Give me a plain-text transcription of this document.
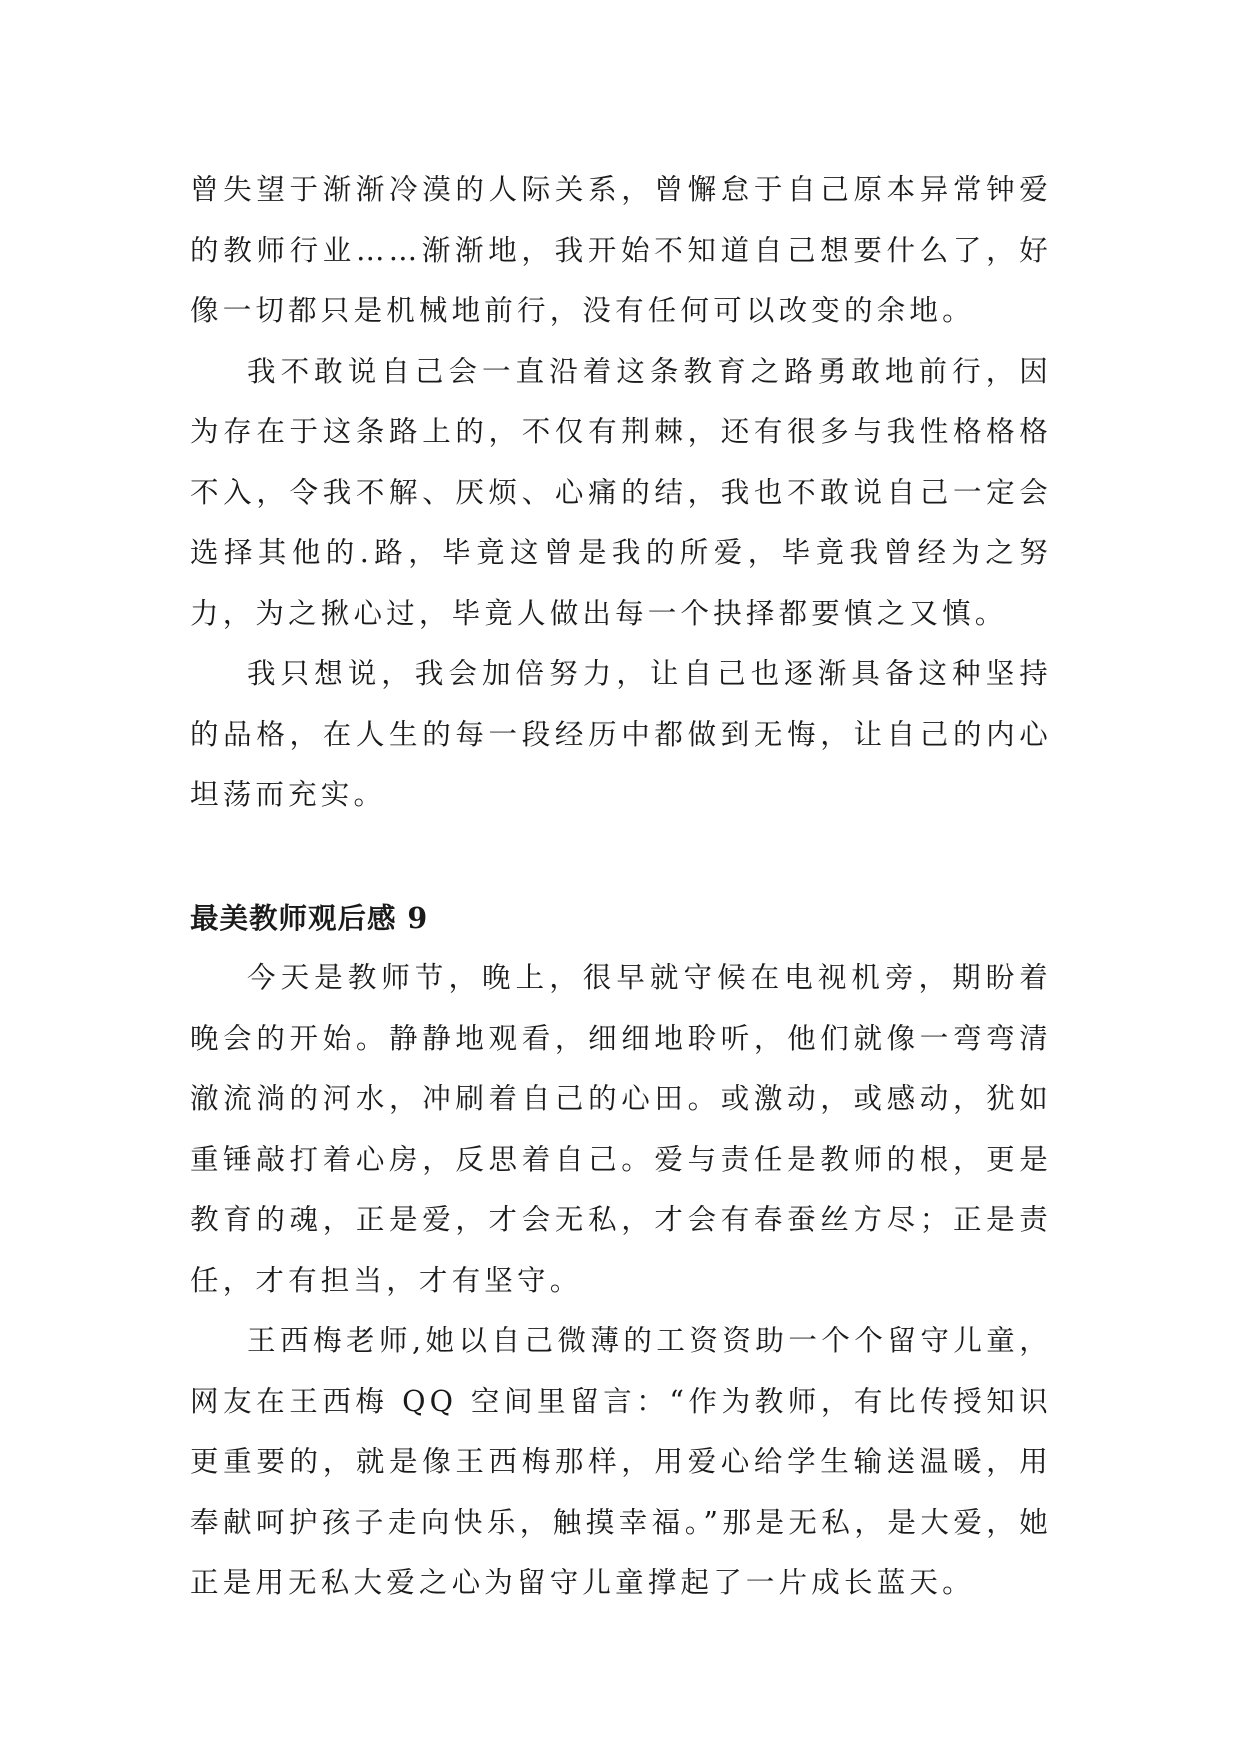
曾失望于渐渐冷漠的人际关系，曾懈怠于自己原本异常钟爱的教师行业……渐渐地，我开始不知道自己想要什么了，好像一切都只是机械地前行，没有任何可以改变的余地。

我不敢说自己会一直沿着这条教育之路勇敢地前行，因为存在于这条路上的，不仅有荆棘，还有很多与我性格格格不入，令我不解、厌烦、心痛的结，我也不敢说自己一定会选择其他的.路，毕竟这曾是我的所爱，毕竟我曾经为之努力，为之揪心过，毕竟人做出每一个抉择都要慎之又慎。

我只想说，我会加倍努力，让自己也逐渐具备这种坚持的品格，在人生的每一段经历中都做到无悔，让自己的内心坦荡而充实。

最美教师观后感 9

今天是教师节，晚上，很早就守候在电视机旁，期盼着晚会的开始。静静地观看，细细地聆听，他们就像一弯弯清澈流淌的河水，冲刷着自己的心田。或激动，或感动，犹如重锤敲打着心房，反思着自己。爱与责任是教师的根，更是教育的魂，正是爱，才会无私，才会有春蚕丝方尽；正是责任，才有担当，才有坚守。

王西梅老师,她以自己微薄的工资资助一个个留守儿童，网友在王西梅 QQ 空间里留言：“作为教师，有比传授知识更重要的，就是像王西梅那样，用爱心给学生输送温暖，用奉献呵护孩子走向快乐，触摸幸福。”那是无私，是大爱，她正是用无私大爱之心为留守儿童撑起了一片成长蓝天。
